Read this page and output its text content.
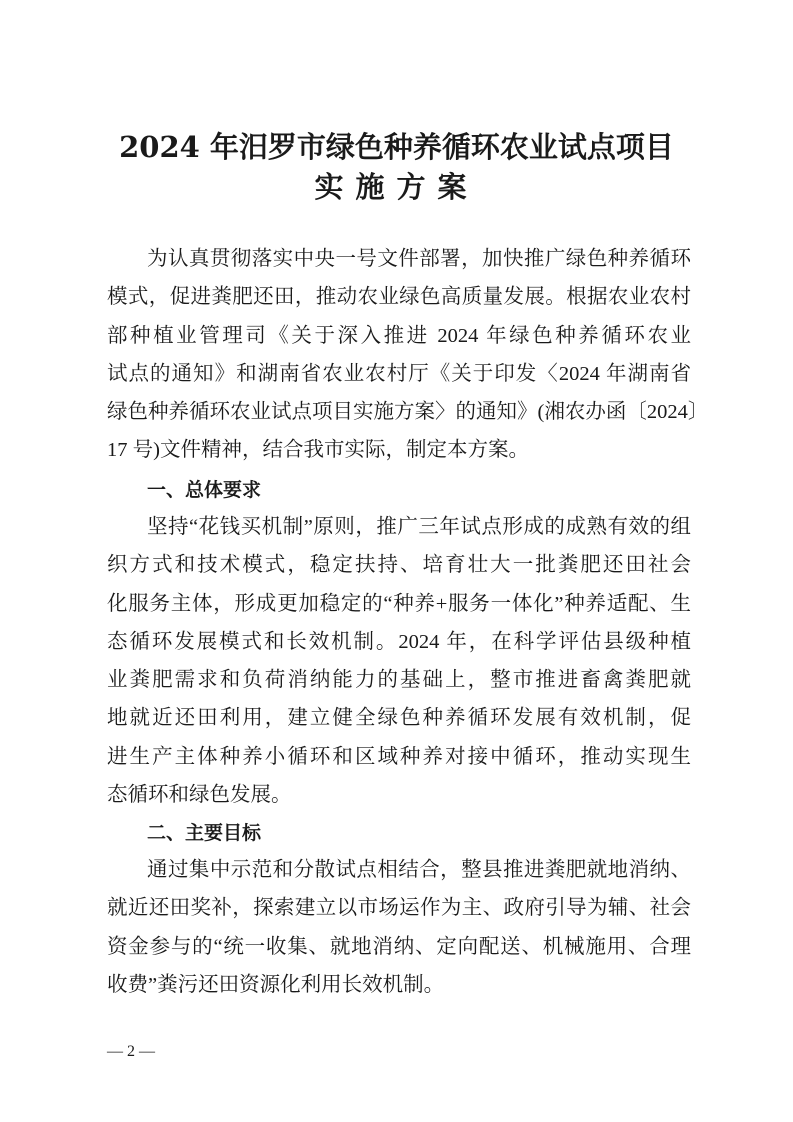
2024 年汨罗市绿色种养循环农业试点项目
实施方案
为认真贯彻落实中央一号文件部署，加快推广绿色种养循环
模式，促进粪肥还田，推动农业绿色高质量发展。根据农业农村
部种植业管理司《关于深入推进 2024 年绿色种养循环农业
试点的通知》和湖南省农业农村厅《关于印发〈2024 年湖南省
绿色种养循环农业试点项目实施方案〉的通知》(湘农办函〔2024〕
17 号)文件精神，结合我市实际，制定本方案。
一、总体要求
坚持“花钱买机制”原则，推广三年试点形成的成熟有效的组
织方式和技术模式，稳定扶持、培育壮大一批粪肥还田社会
化服务主体，形成更加稳定的“种养+服务一体化”种养适配、生
态循环发展模式和长效机制。2024 年，在科学评估县级种植
业粪肥需求和负荷消纳能力的基础上，整市推进畜禽粪肥就
地就近还田利用，建立健全绿色种养循环发展有效机制，促
进生产主体种养小循环和区域种养对接中循环，推动实现生
态循环和绿色发展。
二、主要目标
通过集中示范和分散试点相结合，整县推进粪肥就地消纳、
就近还田奖补，探索建立以市场运作为主、政府引导为辅、社会
资金参与的“统一收集、就地消纳、定向配送、机械施用、合理
收费”粪污还田资源化利用长效机制。
— 2 —
